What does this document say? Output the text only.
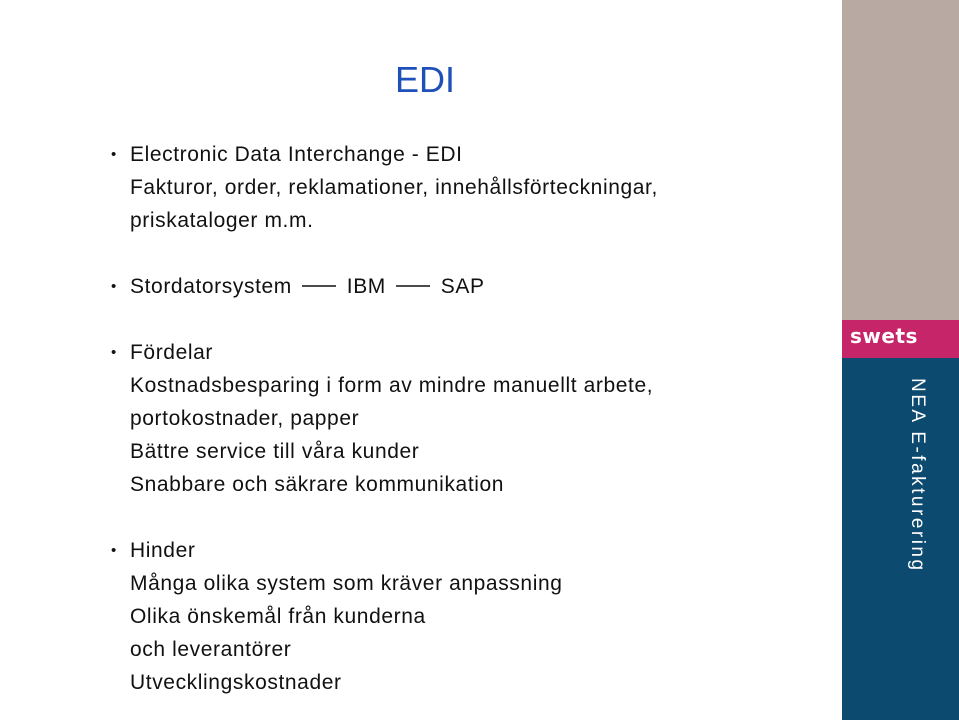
EDI
• Electronic Data Interchange - EDI
Fakturor, order, reklamationer, innehållsförteckningar,
priskataloger m.m.
• Stordatorsystem	IBM	SAP
• Fördelar
Kostnadsbesparing i form av mindre manuellt arbete,
portokostnader, papper
Bättre service till våra kunder
Snabbare och säkrare kommunikation
• Hinder
Många olika system som kräver anpassning
Olika önskemål från kunderna
och leverantörer
Utvecklingskostnader
swets
NEA E-fakturering
